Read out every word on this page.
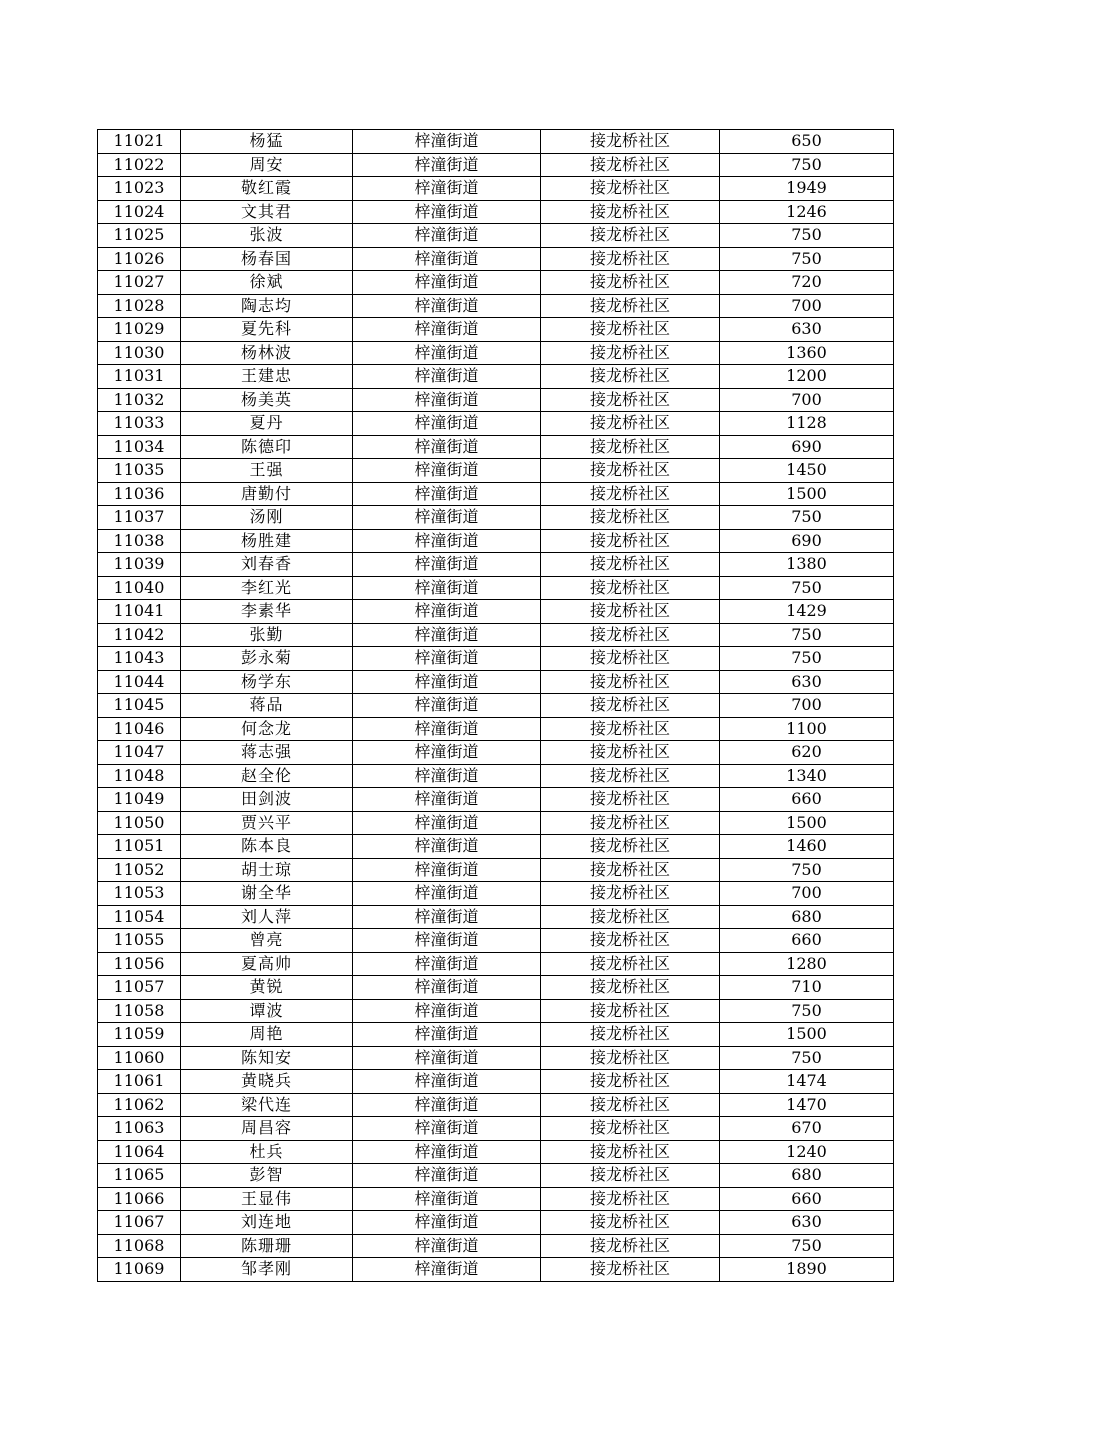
11021	杨猛	梓潼街道	接龙桥社区	650
11022	周安	梓潼街道	接龙桥社区	750
11023	敬红霞	梓潼街道	接龙桥社区	1949
11024	文其君	梓潼街道	接龙桥社区	1246
11025	张波	梓潼街道	接龙桥社区	750
11026	杨春国	梓潼街道	接龙桥社区	750
11027	徐斌	梓潼街道	接龙桥社区	720
11028	陶志均	梓潼街道	接龙桥社区	700
11029	夏先科	梓潼街道	接龙桥社区	630
11030	杨林波	梓潼街道	接龙桥社区	1360
11031	王建忠	梓潼街道	接龙桥社区	1200
11032	杨美英	梓潼街道	接龙桥社区	700
11033	夏丹	梓潼街道	接龙桥社区	1128
11034	陈德印	梓潼街道	接龙桥社区	690
11035	王强	梓潼街道	接龙桥社区	1450
11036	唐勤付	梓潼街道	接龙桥社区	1500
11037	汤刚	梓潼街道	接龙桥社区	750
11038	杨胜建	梓潼街道	接龙桥社区	690
11039	刘春香	梓潼街道	接龙桥社区	1380
11040	李红光	梓潼街道	接龙桥社区	750
11041	李素华	梓潼街道	接龙桥社区	1429
11042	张勤	梓潼街道	接龙桥社区	750
11043	彭永菊	梓潼街道	接龙桥社区	750
11044	杨学东	梓潼街道	接龙桥社区	630
11045	蒋品	梓潼街道	接龙桥社区	700
11046	何念龙	梓潼街道	接龙桥社区	1100
11047	蒋志强	梓潼街道	接龙桥社区	620
11048	赵全伦	梓潼街道	接龙桥社区	1340
11049	田剑波	梓潼街道	接龙桥社区	660
11050	贾兴平	梓潼街道	接龙桥社区	1500
11051	陈本良	梓潼街道	接龙桥社区	1460
11052	胡士琼	梓潼街道	接龙桥社区	750
11053	谢全华	梓潼街道	接龙桥社区	700
11054	刘人萍	梓潼街道	接龙桥社区	680
11055	曾亮	梓潼街道	接龙桥社区	660
11056	夏高帅	梓潼街道	接龙桥社区	1280
11057	黄锐	梓潼街道	接龙桥社区	710
11058	谭波	梓潼街道	接龙桥社区	750
11059	周艳	梓潼街道	接龙桥社区	1500
11060	陈知安	梓潼街道	接龙桥社区	750
11061	黄晓兵	梓潼街道	接龙桥社区	1474
11062	梁代连	梓潼街道	接龙桥社区	1470
11063	周昌容	梓潼街道	接龙桥社区	670
11064	杜兵	梓潼街道	接龙桥社区	1240
11065	彭智	梓潼街道	接龙桥社区	680
11066	王显伟	梓潼街道	接龙桥社区	660
11067	刘连地	梓潼街道	接龙桥社区	630
11068	陈珊珊	梓潼街道	接龙桥社区	750
11069	邹孝刚	梓潼街道	接龙桥社区	1890
